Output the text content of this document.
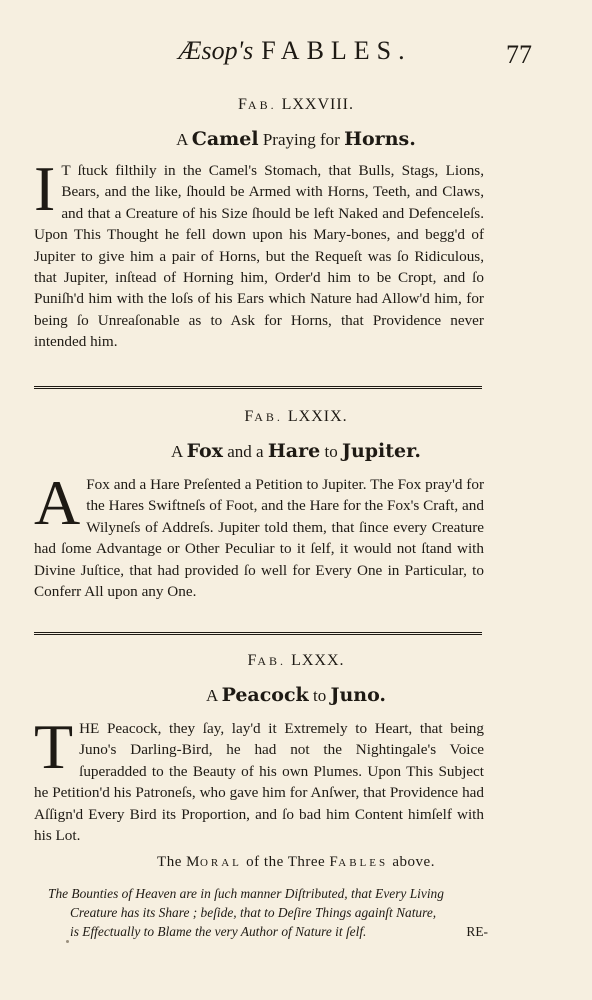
Æsop's FABLES.	77
FAB. LXXVIII.
A Camel Praying for Horns.

I T ſtuck filthily in the Camel's Stomach, that Bulls, Stags, Lions, Bears, and the like, ſhould be Armed with Horns, Teeth, and Claws, and that a Creature of his Size ſhould be left Naked and Defenceleſs. Upon This Thought he fell down upon his Mary-bones, and begg'd of Jupiter to give him a pair of Horns, but the Requeſt was ſo Ridiculous, that Jupiter, inſtead of Horning him, Order'd him to be Cropt, and ſo Puniſh'd him with the loſs of his Ears which Nature had Allow'd him, for being ſo Unreaſonable as to Ask for Horns, that Providence never intended him.

FAB. LXXIX.
A Fox and a Hare to Jupiter.

A Fox and a Hare Preſented a Petition to Jupiter. The Fox pray'd for the Hares Swiftneſs of Foot, and the Hare for the Fox's Craft, and Wilyneſs of Addreſs. Jupiter told them, that ſince every Creature had ſome Advantage or Other Peculiar to it ſelf, it would not ſtand with Divine Juſtice, that had provided ſo well for Every One in Particular, to Conferr All upon any One.

FAB. LXXX.
A Peacock to Juno.

THE Peacock, they ſay, lay'd it Extremely to Heart, that being Juno's Darling-Bird, he had not the Nightingale's Voice ſuperadded to the Beauty of his own Plumes. Upon This Subject he Petition'd his Patroneſs, who gave him for Anſwer, that Providence had Aſſign'd Every Bird its Proportion, and ſo bad him Content himſelf with his Lot.

The MORAL of the Three FABLES above.

The Bounties of Heaven are in ſuch manner Diſtributed, that Every Living
Creature has its Share ; beſide, that to Deſire Things againſt Nature,
is Effectually to Blame the very Author of Nature it ſelf.	RE-
